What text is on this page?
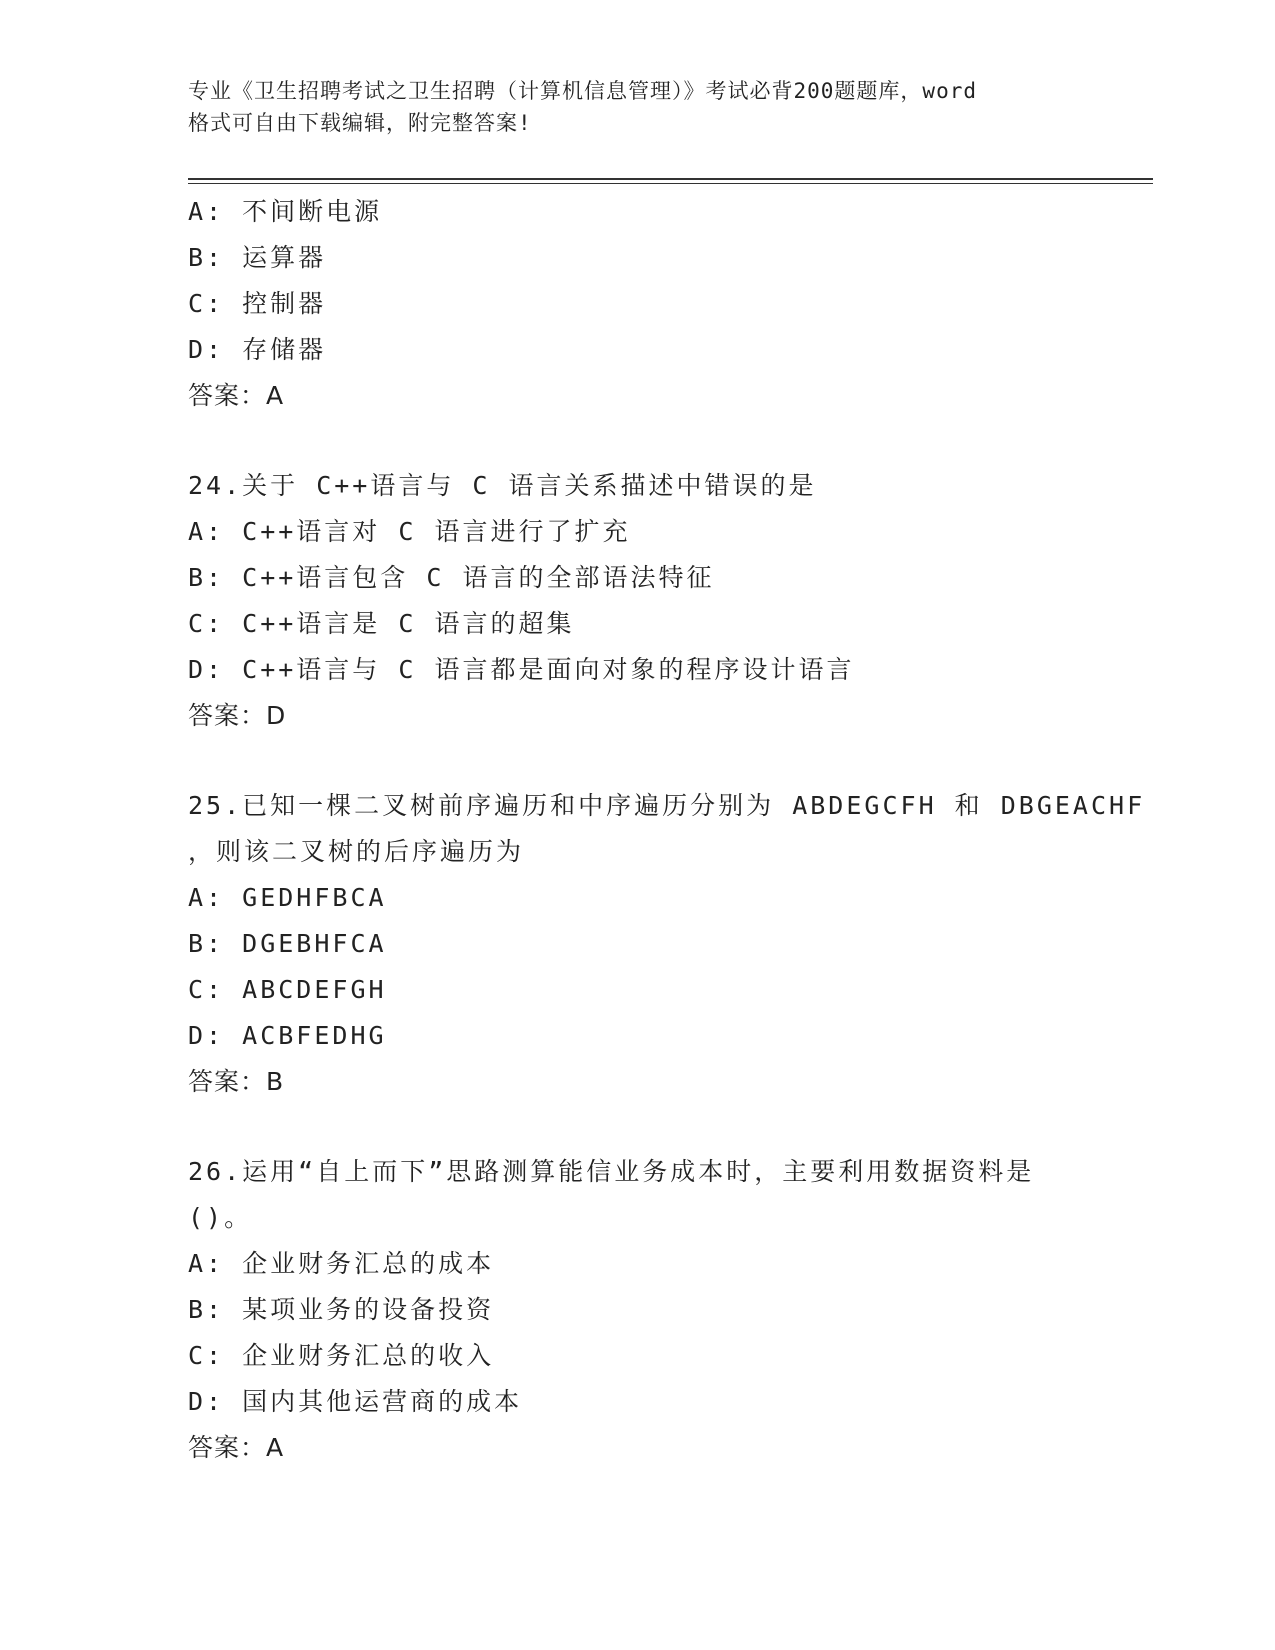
专业《卫生招聘考试之卫生招聘（计算机信息管理）》考试必背200题题库，word
格式可自由下载编辑，附完整答案!
A: 不间断电源
B: 运算器
C: 控制器
D: 存储器
答案：A
24.关于 C++语言与 C 语言关系描述中错误的是
A: C++语言对 C 语言进行了扩充
B: C++语言包含 C 语言的全部语法特征
C: C++语言是 C 语言的超集
D: C++语言与 C 语言都是面向对象的程序设计语言
答案：D
25.已知一棵二叉树前序遍历和中序遍历分别为 ABDEGCFH 和 DBGEACHF
，则该二叉树的后序遍历为
A: GEDHFBCA
B: DGEBHFCA
C: ABCDEFGH
D: ACBFEDHG
答案：B
26.运用“自上而下”思路测算能信业务成本时，主要利用数据资料是
()。
A: 企业财务汇总的成本
B: 某项业务的设备投资
C: 企业财务汇总的收入
D: 国内其他运营商的成本
答案：A
